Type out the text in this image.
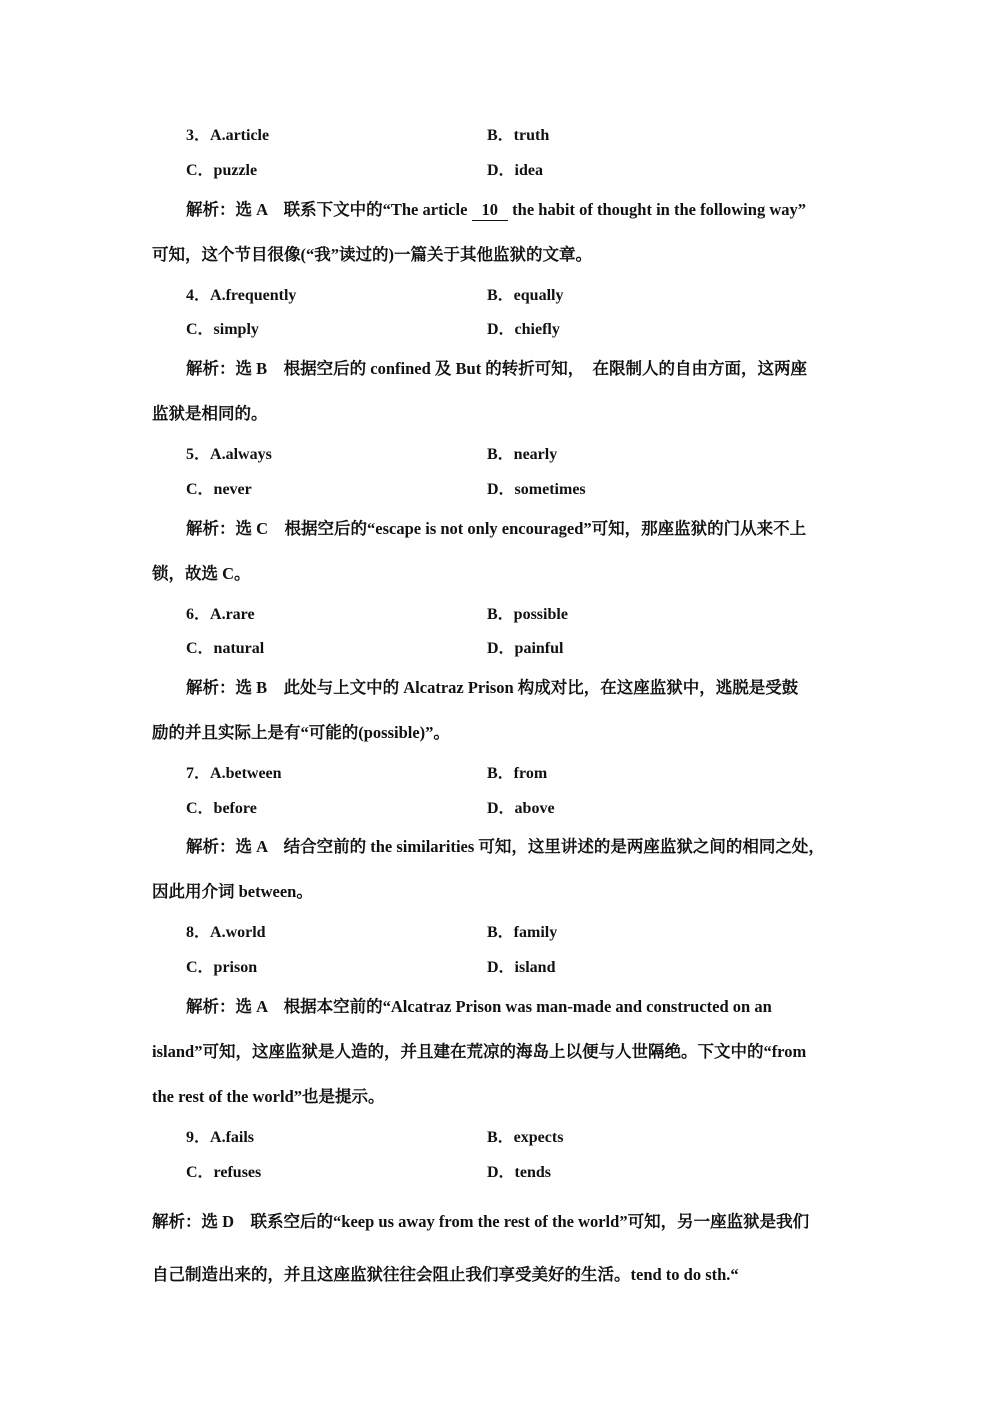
3．A.article	B．truth
C．puzzle	D．idea
解析：选 A　联系下文中的“The article 10 the habit of thought in the following way”
可知，这个节目很像(“我”读过的)一篇关于其他监狱的文章。
4．A.frequently	B．equally
C．simply	D．chiefly
解析：选 B　根据空后的 confined 及 But 的转折可知，　在限制人的自由方面，这两座
监狱是相同的。
5．A.always	B．nearly
C．never	D．sometimes
解析：选 C　根据空后的“escape is not only encouraged”可知，那座监狱的门从来不上
锁，故选 C。
6．A.rare	B．possible
C．natural	D．painful
解析：选 B　此处与上文中的 Alcatraz Prison 构成对比，在这座监狱中，逃脱是受鼓
励的并且实际上是有“可能的(possible)”。
7．A.between	B．from
C．before	D．above
解析：选 A　结合空前的 the similarities 可知，这里讲述的是两座监狱之间的相同之处，
因此用介词 between。
8．A.world	B．family
C．prison	D．island
解析：选 A　根据本空前的“Alcatraz Prison was man-made and constructed on an
island”可知，这座监狱是人造的，并且建在荒凉的海岛上以便与人世隔绝。下文中的“from
the rest of the world”也是提示。
9．A.fails	B．expects
C．refuses	D．tends
解析：选 D　联系空后的“keep us away from the rest of the world”可知，另一座监狱是我们
自己制造出来的，并且这座监狱往往会阻止我们享受美好的生活。tend to do sth.“
